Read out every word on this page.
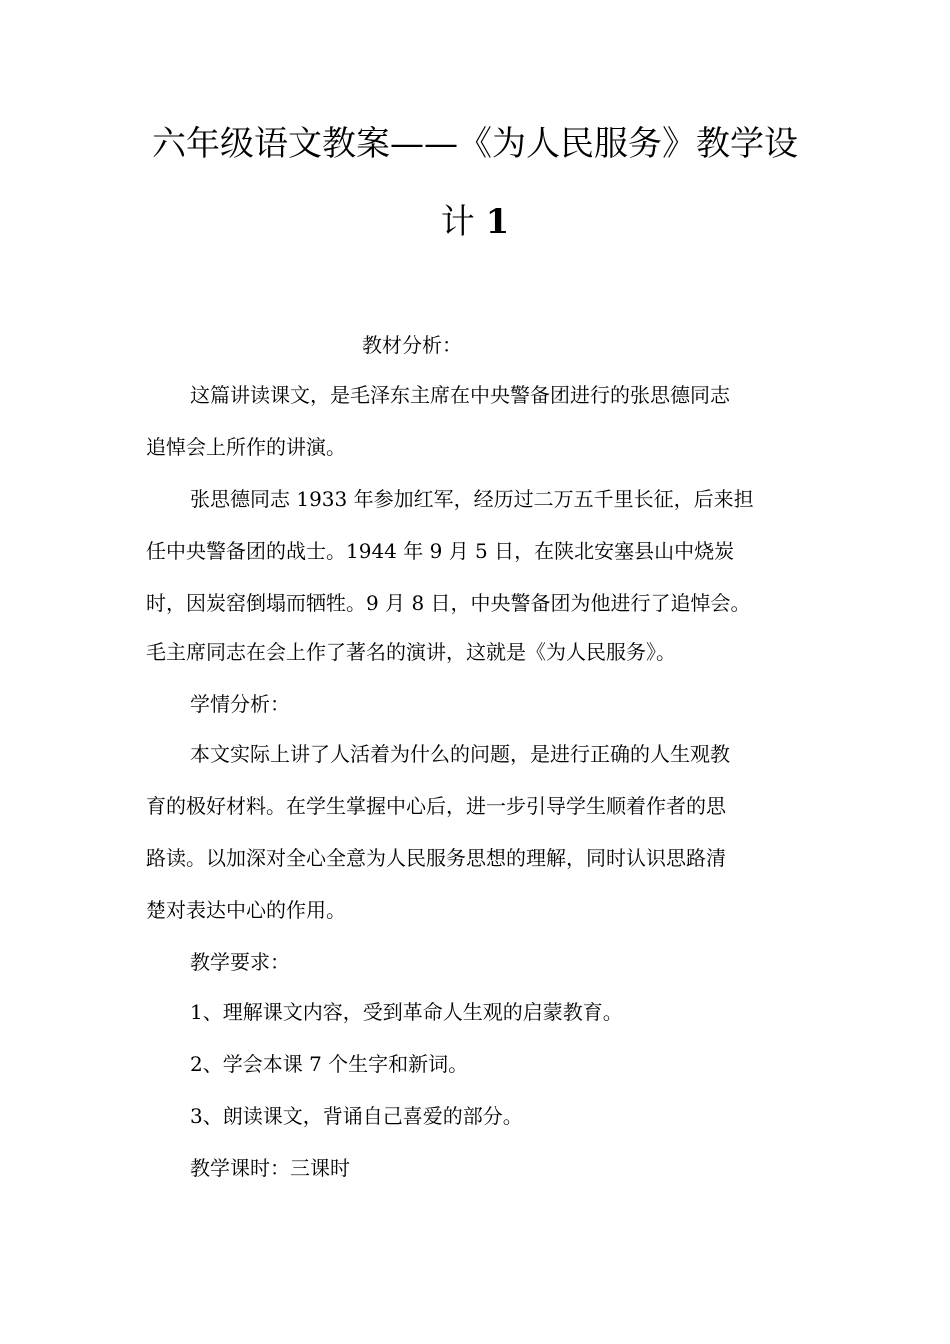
六年级语文教案——《为人民服务》教学设
计 1

教材分析：

这篇讲读课文，是毛泽东主席在中央警备团进行的张思德同志

追悼会上所作的讲演。

张思德同志 1933 年参加红军，经历过二万五千里长征，后来担

任中央警备团的战士。1944 年 9 月 5 日，在陕北安塞县山中烧炭

时，因炭窑倒塌而牺牲。9 月 8 日，中央警备团为他进行了追悼会。

毛主席同志在会上作了著名的演讲，这就是《为人民服务》。

学情分析：

本文实际上讲了人活着为什么的问题，是进行正确的人生观教

育的极好材料。在学生掌握中心后，进一步引导学生顺着作者的思

路读。以加深对全心全意为人民服务思想的理解，同时认识思路清

楚对表达中心的作用。

教学要求：

1、理解课文内容，受到革命人生观的启蒙教育。

2、学会本课 7 个生字和新词。

3、朗读课文，背诵自己喜爱的部分。

教学课时：三课时
